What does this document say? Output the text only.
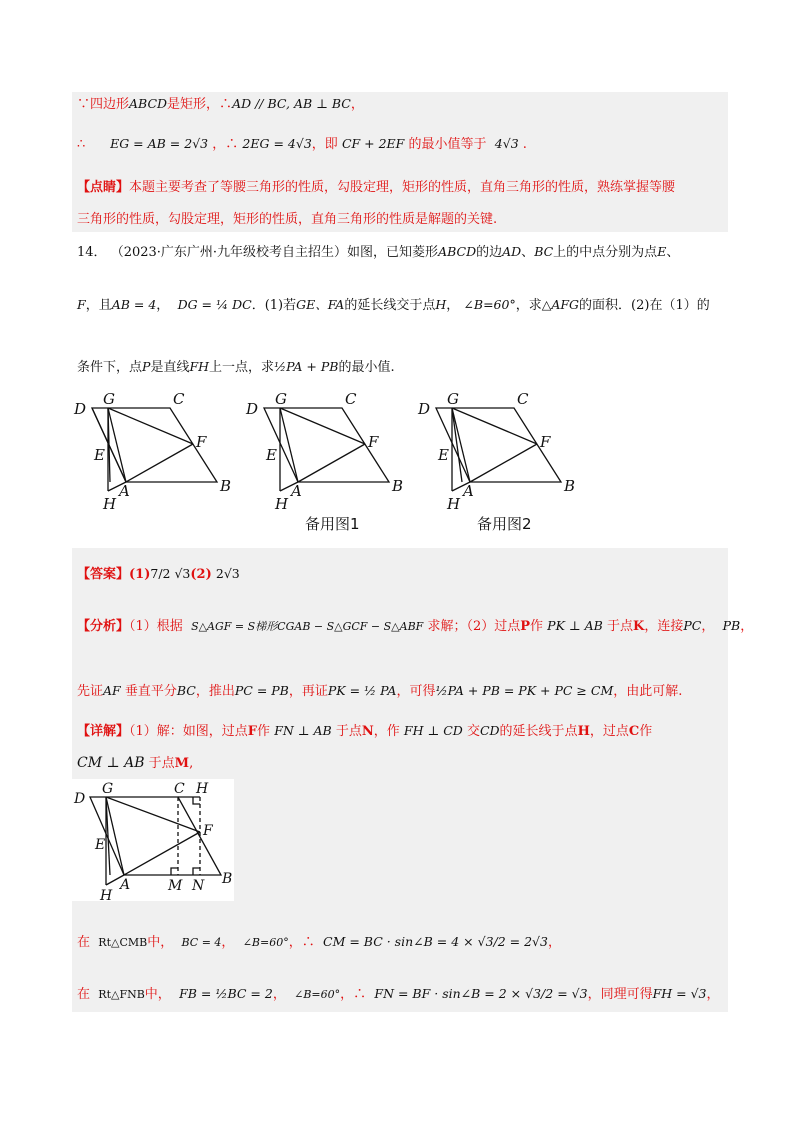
∵四边形ABCD是矩形，∴AD // BC, AB ⊥ BC，
∴ EG = AB = 2√3 ，∴ 2EG = 4√3，即 CF + 2EF 的最小值等于 4√3 .
【点睛】本题主要考查了等腰三角形的性质，勾股定理，矩形的性质，直角三角形的性质，熟练掌握等腰
三角形的性质，勾股定理，矩形的性质，直角三角形的性质是解题的关键.
14． （2023·广东广州·九年级校考自主招生）如图，已知菱形ABCD的边AD、BC上的中点分别为点E、
F，且AB = 4， DG = ¼ DC．(1)若GE、FA的延长线交于点H， ∠B=60°，求△AFG的面积．(2)在（1）的
条件下，点P是直线FH上一点，求½PA + PB的最小值.
D
G	C
E
F
H
A	B
D
G	C
E
F
H
A	B
D
G	C
E
F
H
A	B
备用图1	备用图2
【答案】(1)7/2 √3(2) 2√3
【分析】（1）根据 S△AGF = S梯形CGAB − S△GCF − S△ABF 求解；（2）过点P作 PK ⊥ AB 于点K，连接PC， PB，
先证AF 垂直平分BC，推出PC = PB，再证PK = ½ PA，可得½PA + PB = PK + PC ≥ CM，由此可解.
【详解】（1）解：如图，过点F作 FN ⊥ AB 于点N，作 FH ⊥ CD 交CD的延长线于点H，过点C作
CM ⊥ AB 于点M,
D
G	C H
F
E
A	M N B
H
在 Rt△CMB中， BC = 4， ∠B=60°，∴ CM = BC · sin∠B = 4 × √3/2 = 2√3，
在 Rt△FNB中， FB = ½BC = 2， ∠B=60°，∴ FN = BF · sin∠B = 2 × √3/2 = √3，同理可得FH = √3，
